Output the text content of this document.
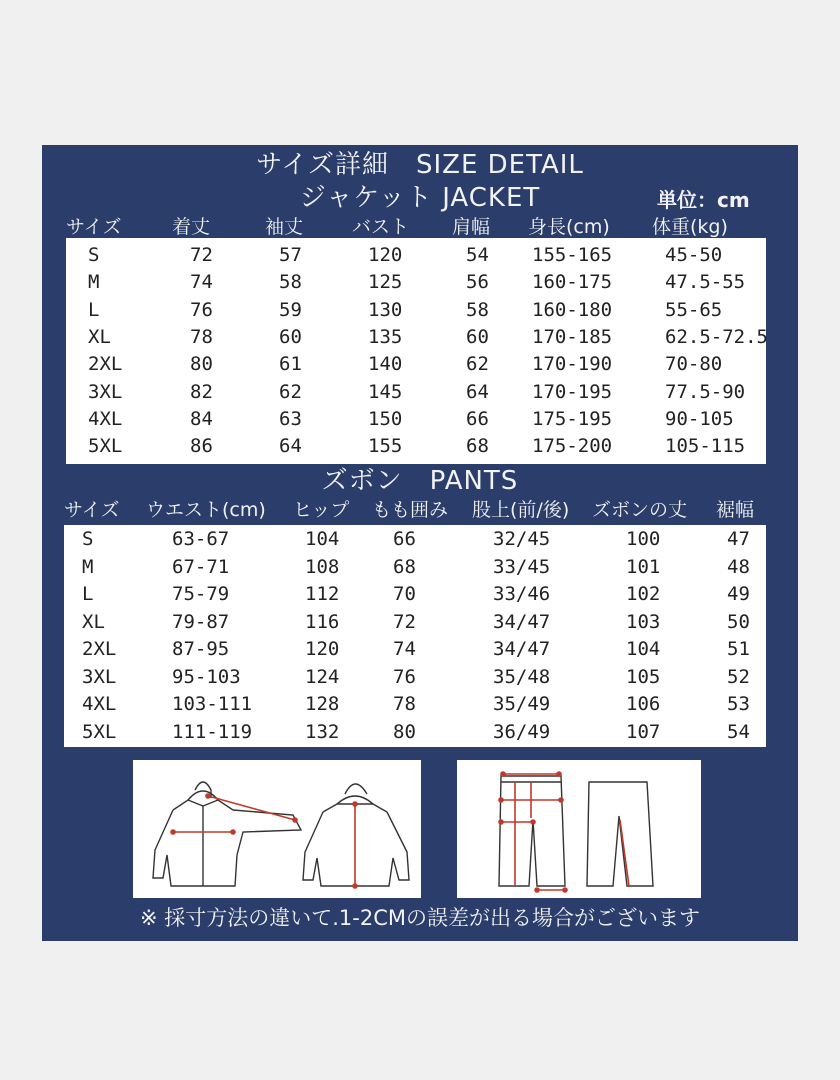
サイズ詳細　SIZE DETAIL
ジャケット JACKET	単位：cm
サイズ	着丈	袖丈	バスト 肩幅 身長(cm) 体重(kg)
S	72	57	120	54 155-165	45-50
M	74	58	125	56 160-175	47.5-55
L	76	59	130	58 160-180	55-65
XL	78	60	135	60 170-185	62.5-72.5
2XL	80	61	140	62 170-190	70-80
3XL	82	62	145	64 170-195	77.5-90
4XL	84	63	150	66 175-195	90-105
5XL	86	64	155	68 175-200	105-115
ズボン　PANTS
サイズ ウエスト(cm) ヒップ もも囲み 股上(前/後) ズボンの丈 裾幅
S	63-67	104	66	32/45	100	47
M	67-71	108	68	33/45	101	48
L	75-79	112	70	33/46	102	49
XL	79-87	116	72	34/47	103	50
2XL	87-95	120	74	34/47	104	51
3XL	95-103	124	76	35/48	105	52
4XL	103-111	128	78	35/49	106	53
5XL	111-119	132	80	36/49	107	54
※ 採寸方法の違いて.1-2CMの誤差が出る場合がございます
